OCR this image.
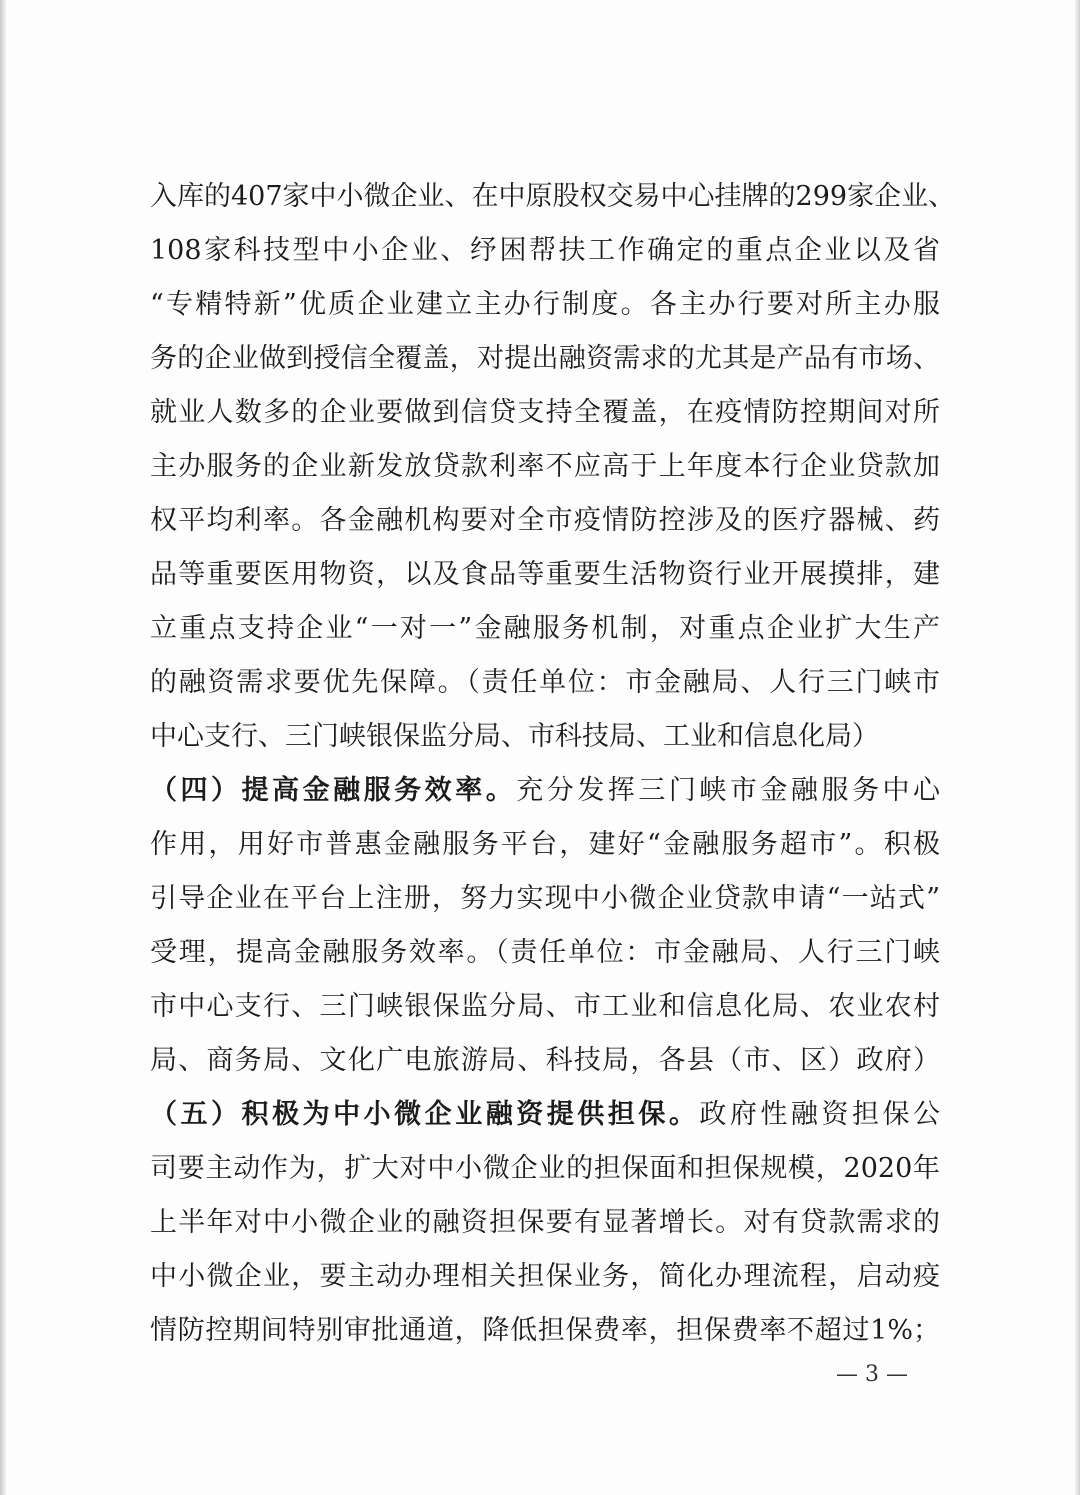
入库的407家中小微企业、在中原股权交易中心挂牌的299家企业、
108家科技型中小企业、纾困帮扶工作确定的重点企业以及省
“专精特新”优质企业建立主办行制度。各主办行要对所主办服
务的企业做到授信全覆盖，对提出融资需求的尤其是产品有市场、
就业人数多的企业要做到信贷支持全覆盖，在疫情防控期间对所
主办服务的企业新发放贷款利率不应高于上年度本行企业贷款加
权平均利率。各金融机构要对全市疫情防控涉及的医疗器械、药
品等重要医用物资，以及食品等重要生活物资行业开展摸排，建
立重点支持企业“一对一”金融服务机制，对重点企业扩大生产
的融资需求要优先保障。（责任单位：市金融局、人行三门峡市
中心支行、三门峡银保监分局、市科技局、工业和信息化局）
（四）提高金融服务效率。充分发挥三门峡市金融服务中心
作用，用好市普惠金融服务平台，建好“金融服务超市”。积极
引导企业在平台上注册，努力实现中小微企业贷款申请“一站式”
受理，提高金融服务效率。（责任单位：市金融局、人行三门峡
市中心支行、三门峡银保监分局、市工业和信息化局、农业农村
局、商务局、文化广电旅游局、科技局，各县（市、区）政府）
（五）积极为中小微企业融资提供担保。政府性融资担保公
司要主动作为，扩大对中小微企业的担保面和担保规模，2020年
上半年对中小微企业的融资担保要有显著增长。对有贷款需求的
中小微企业，要主动办理相关担保业务，简化办理流程，启动疫
情防控期间特别审批通道，降低担保费率，担保费率不超过1%；
— 3 —
